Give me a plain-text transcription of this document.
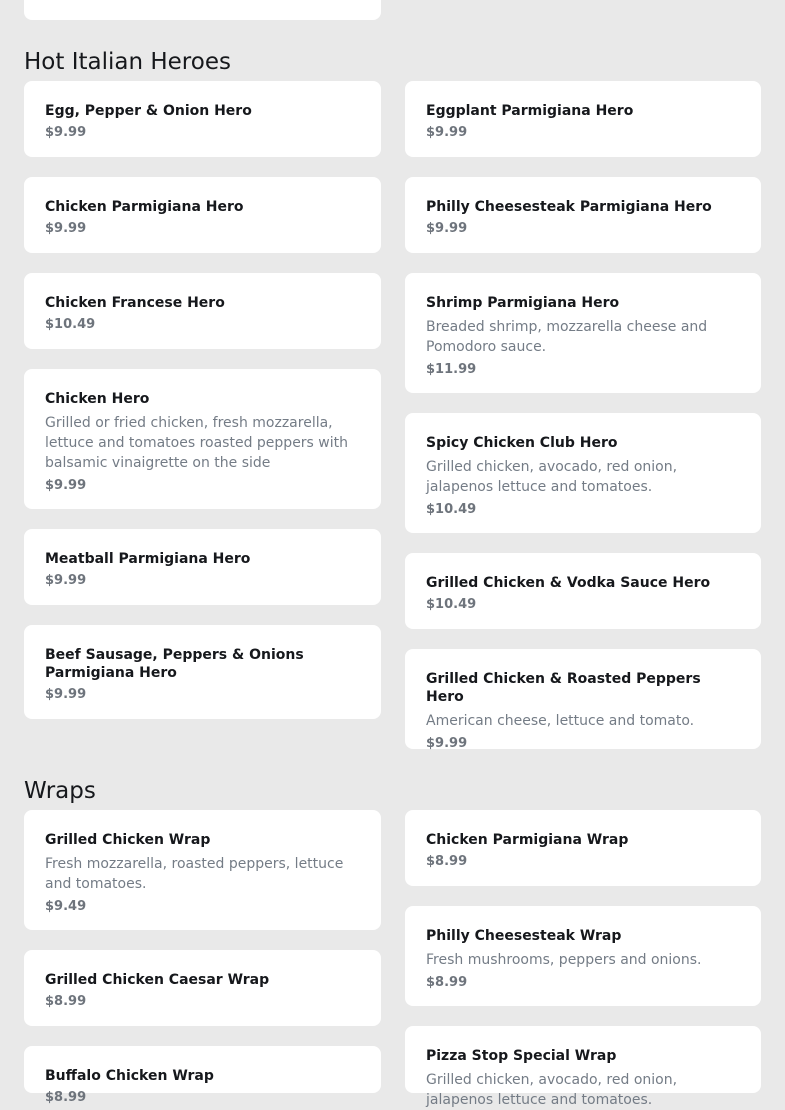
Hot Italian Heroes
Egg, Pepper & Onion Hero
$9.99
Chicken Parmigiana Hero
$9.99
Chicken Francese Hero
$10.49
Chicken Hero
Grilled or fried chicken, fresh mozzarella, lettuce and tomatoes roasted peppers with balsamic vinaigrette on the side
$9.99
Meatball Parmigiana Hero
$9.99
Beef Sausage, Peppers & Onions Parmigiana Hero
$9.99
Eggplant Parmigiana Hero
$9.99
Philly Cheesesteak Parmigiana Hero
$9.99
Shrimp Parmigiana Hero
Breaded shrimp, mozzarella cheese and Pomodoro sauce.
$11.99
Spicy Chicken Club Hero
Grilled chicken, avocado, red onion, jalapenos lettuce and tomatoes.
$10.49
Grilled Chicken & Vodka Sauce Hero
$10.49
Grilled Chicken & Roasted Peppers Hero
American cheese, lettuce and tomato.
$9.99
Wraps
Grilled Chicken Wrap
Fresh mozzarella, roasted peppers, lettuce and tomatoes.
$9.49
Grilled Chicken Caesar Wrap
$8.99
Buffalo Chicken Wrap
$8.99
Chicken Parmigiana Wrap
$8.99
Philly Cheesesteak Wrap
Fresh mushrooms, peppers and onions.
$8.99
Pizza Stop Special Wrap
Grilled chicken, avocado, red onion, jalapenos lettuce and tomatoes.
